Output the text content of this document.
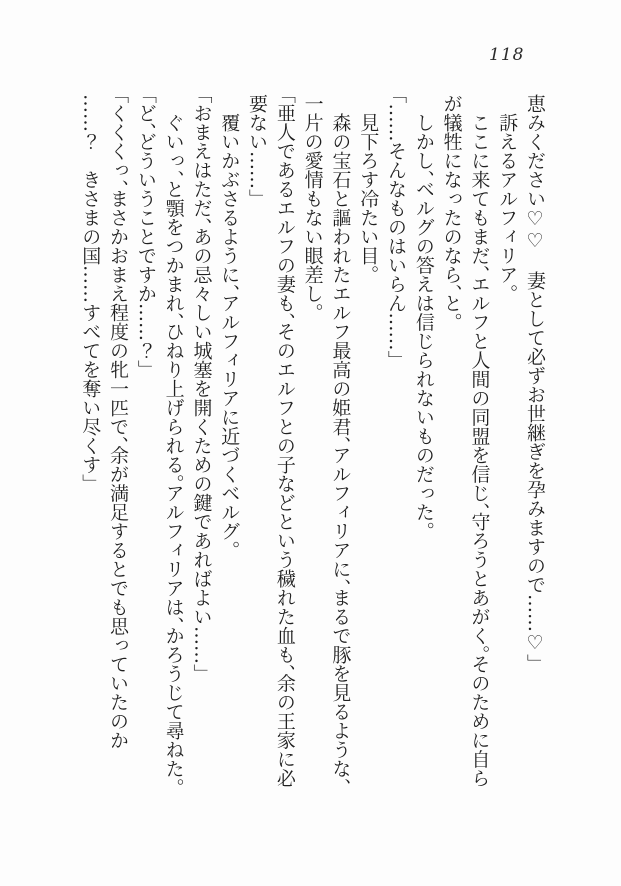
118

恵みください♡♡　妻として必ずお世継ぎを孕みますので……♡」

　訴えるアルフィリア。

　ここに来てもまだ、エルフと人間の同盟を信じ、守ろうとあがく。そのために自ら

が犠牲になったのなら、と。

　しかし、ベルグの答えは信じられないものだった。

「……そんなものはいらん……」

　見下ろす冷たい目。

　森の宝石と謳われたエルフ最高の姫君、アルフィリアに、まるで豚を見るような、

一片の愛情もない眼差し。

「亜人であるエルフの妻も、そのエルフとの子などという穢れた血も、余の王家に必

要ない……」

　覆いかぶさるように、アルフィリアに近づくベルグ。

「おまえはただ、あの忌々しい城塞を開くための鍵であればよい……」

　ぐいっ、と顎をつかまれ、ひねり上げられる。アルフィリアは、かろうじて尋ねた。

「ど、どういうことですか……？」

「くくくっ、まさかおまえ程度の牝一匹で、余が満足するとでも思っていたのか

……？　きさまの国……すべてを奪い尽くす」
